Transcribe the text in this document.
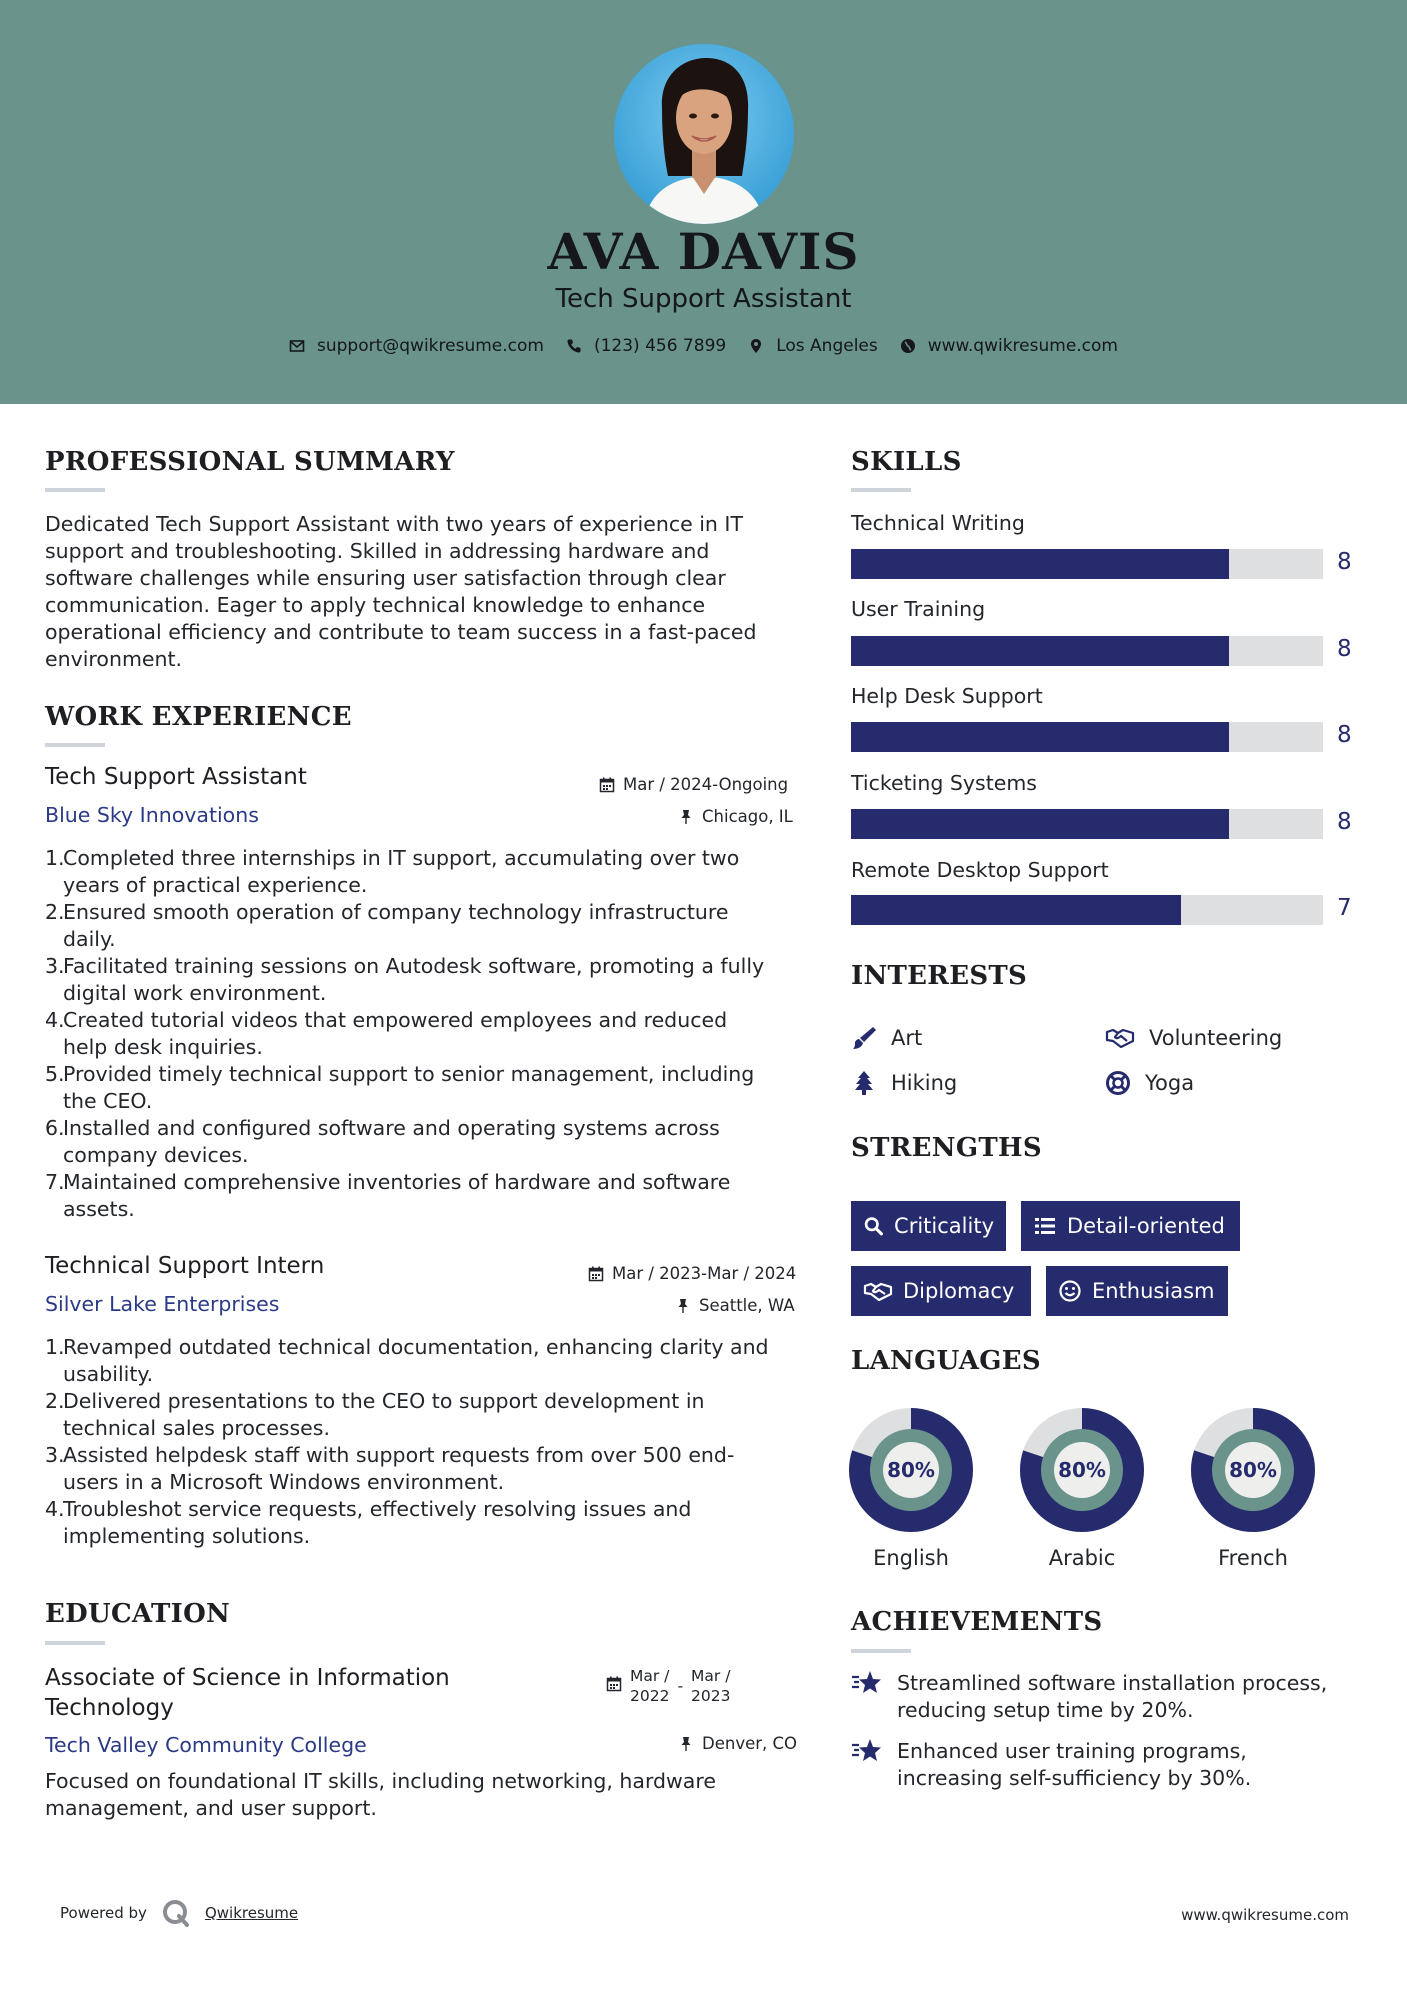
AVA DAVIS
Tech Support Assistant
support@qwikresume.com	(123) 456 7899	Los Angeles	www.qwikresume.com
PROFESSIONAL SUMMARY
Dedicated Tech Support Assistant with two years of experience in IT
support and troubleshooting. Skilled in addressing hardware and
software challenges while ensuring user satisfaction through clear
communication. Eager to apply technical knowledge to enhance
operational efficiency and contribute to team success in a fast-paced
environment.
WORK EXPERIENCE
Tech Support Assistant	Mar / 2024-Ongoing
Blue Sky Innovations	Chicago, IL
1.
Completed three internships in IT support, accumulating over two
years of practical experience.
2.
Ensured smooth operation of company technology infrastructure
daily.
3.
Facilitated training sessions on Autodesk software, promoting a fully
digital work environment.
4.
Created tutorial videos that empowered employees and reduced
help desk inquiries.
5.
Provided timely technical support to senior management, including
the CEO.
6.
Installed and configured software and operating systems across
company devices.
7.
Maintained comprehensive inventories of hardware and software
assets.
Technical Support Intern	Mar / 2023-Mar / 2024
Silver Lake Enterprises	Seattle, WA
1.
Revamped outdated technical documentation, enhancing clarity and
usability.
2.
Delivered presentations to the CEO to support development in
technical sales processes.
3.
Assisted helpdesk staff with support requests from over 500 end-
users in a Microsoft Windows environment.
4.
Troubleshot service requests, effectively resolving issues and
implementing solutions.
EDUCATION
Associate of Science in Information
Technology
Mar /
2022
-
Mar /
2023
Tech Valley Community College	Denver, CO
Focused on foundational IT skills, including networking, hardware
management, and user support.
SKILLS
Technical Writing
8
User Training
8
Help Desk Support
8
Ticketing Systems
8
Remote Desktop Support
7
INTERESTS
Art	Volunteering
Hiking	Yoga
STRENGTHS
Criticality	Detail-oriented
Diplomacy	Enthusiasm
LANGUAGES
80%
English
80%
Arabic
80%
French
ACHIEVEMENTS
Streamlined software installation process,
reducing setup time by 20%.
Enhanced user training programs,
increasing self-sufficiency by 30%.
Powered by	Qwikresume	www.qwikresume.com
